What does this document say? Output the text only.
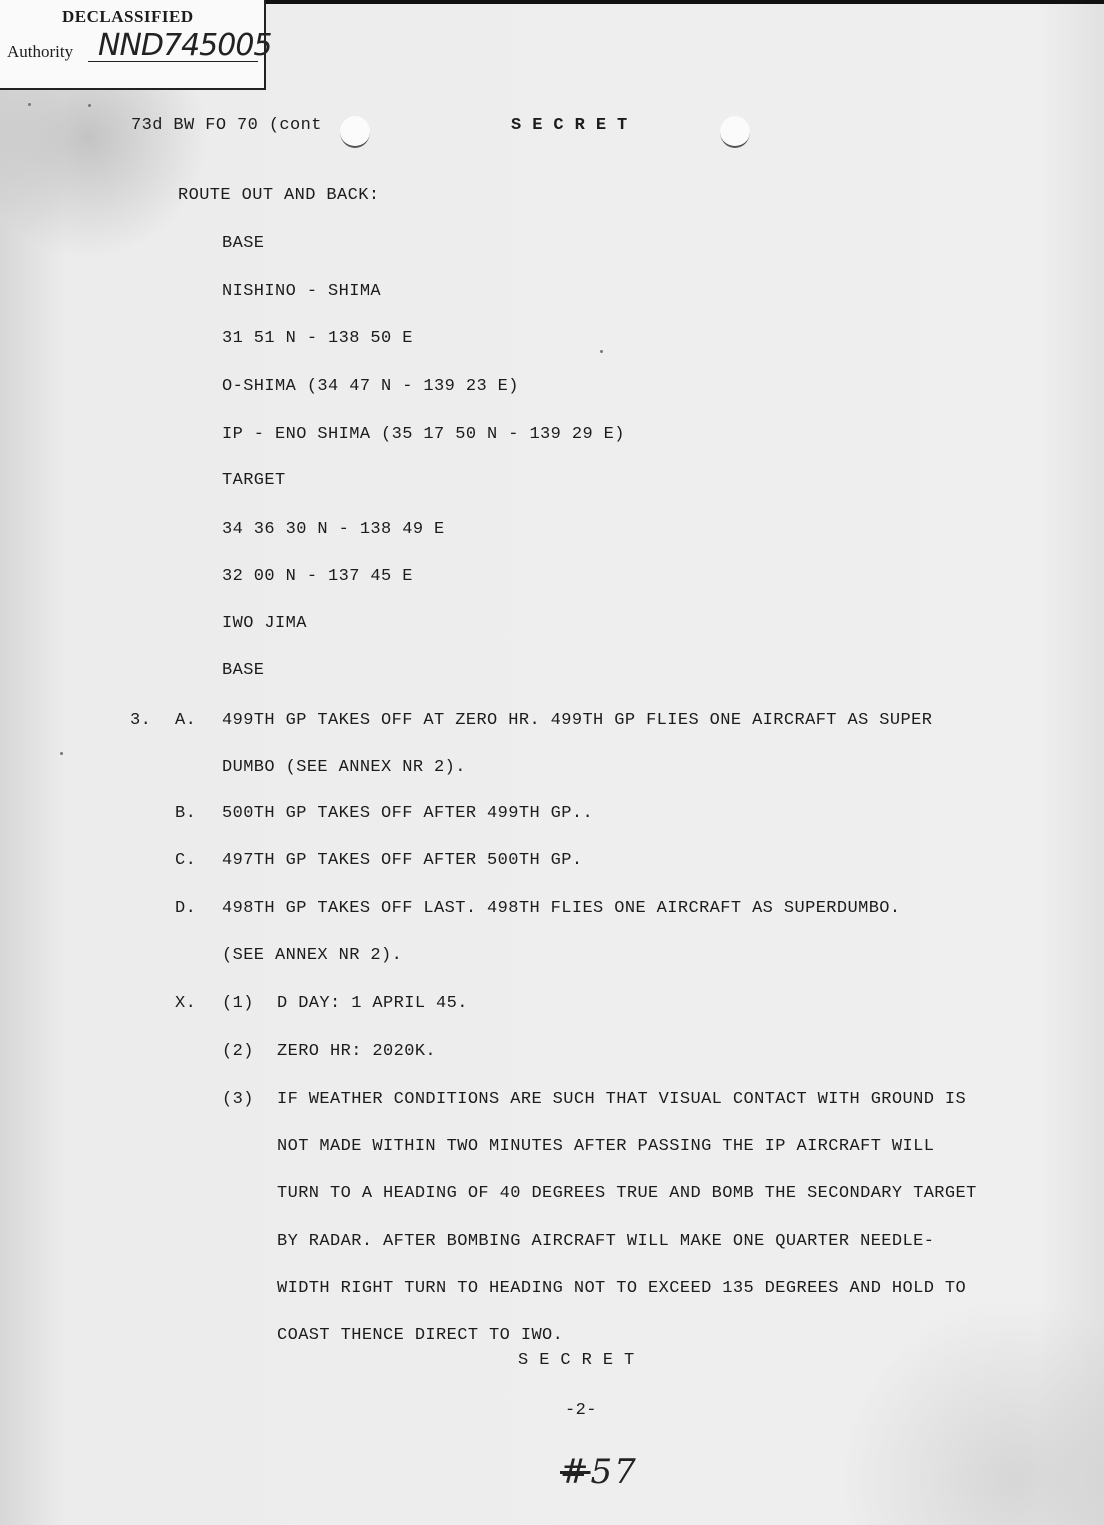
DECLASSIFIED
Authority NND745005
73d BW FO 70 (cont	S E C R E T
ROUTE OUT AND BACK:
BASE
NISHINO - SHIMA
31 51 N - 138 50 E
O-SHIMA (34 47 N - 139 23 E)
IP - ENO SHIMA (35 17 50 N - 139 29 E)
TARGET
34 36 30 N - 138 49 E
32 00 N - 137 45 E
IWO JIMA
BASE
3. A. 499TH GP TAKES OFF AT ZERO HR. 499TH GP FLIES ONE AIRCRAFT AS SUPER
DUMBO (SEE ANNEX NR 2).
B. 500TH GP TAKES OFF AFTER 499TH GP..
C. 497TH GP TAKES OFF AFTER 500TH GP.
D. 498TH GP TAKES OFF LAST. 498TH FLIES ONE AIRCRAFT AS SUPERDUMBO.
(SEE ANNEX NR 2).
X. (1) D DAY: 1 APRIL 45.
(2) ZERO HR: 2020K.
(3) IF WEATHER CONDITIONS ARE SUCH THAT VISUAL CONTACT WITH GROUND IS
NOT MADE WITHIN TWO MINUTES AFTER PASSING THE IP AIRCRAFT WILL
TURN TO A HEADING OF 40 DEGREES TRUE AND BOMB THE SECONDARY TARGET
BY RADAR. AFTER BOMBING AIRCRAFT WILL MAKE ONE QUARTER NEEDLE-
WIDTH RIGHT TURN TO HEADING NOT TO EXCEED 135 DEGREES AND HOLD TO
COAST THENCE DIRECT TO IWO.
S E C R E T
-2-
#57
